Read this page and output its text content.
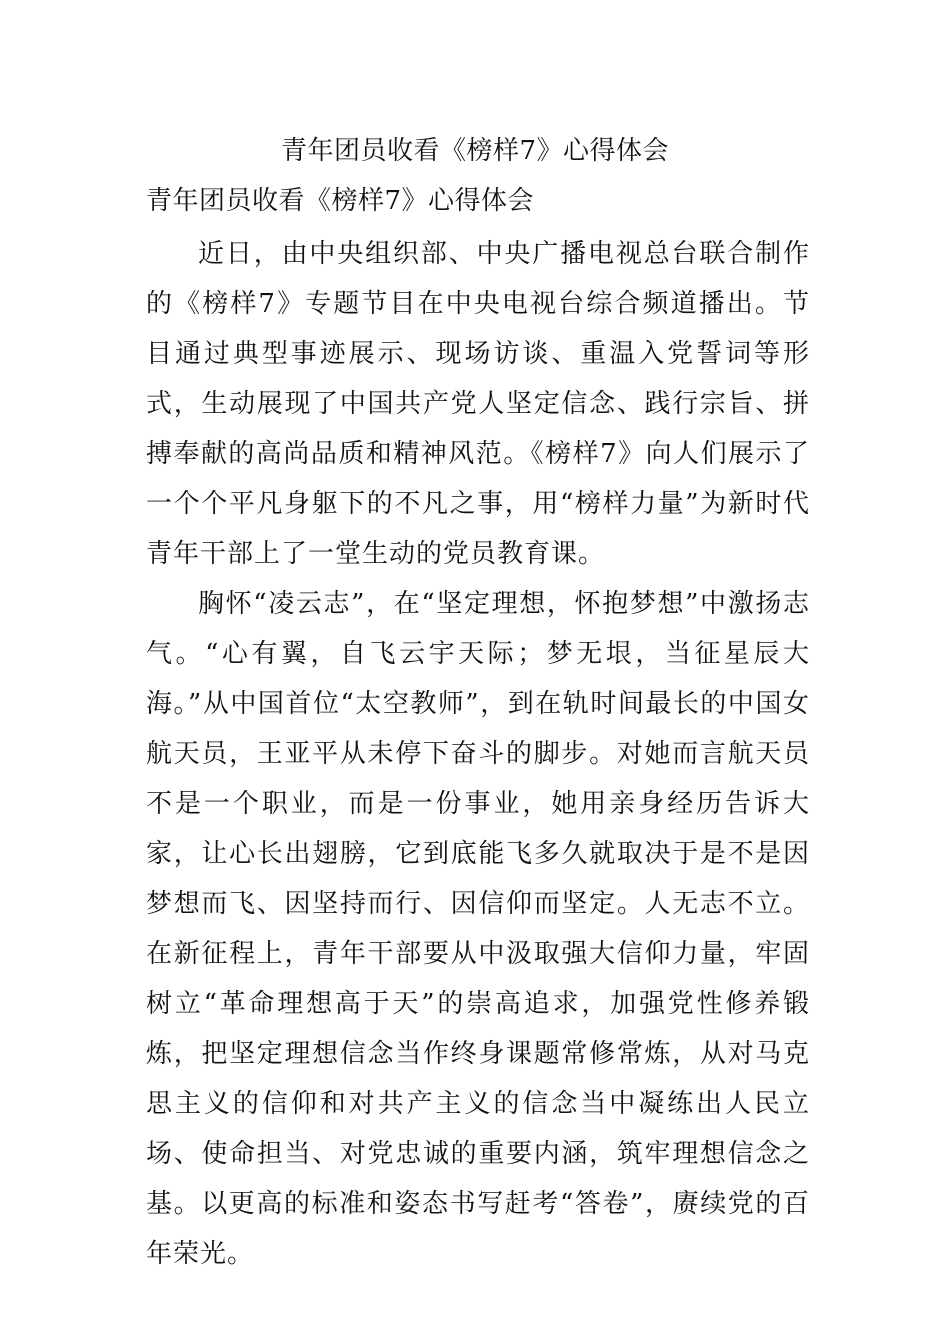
青年团员收看《榜样7》心得体会
青年团员收看《榜样7》心得体会

近日，由中央组织部、中央广播电视总台联合制作的《榜样7》专题节目在中央电视台综合频道播出。节目通过典型事迹展示、现场访谈、重温入党誓词等形式，生动展现了中国共产党人坚定信念、践行宗旨、拼搏奉献的高尚品质和精神风范。《榜样7》向人们展示了一个个平凡身躯下的不凡之事，用“榜样力量”为新时代青年干部上了一堂生动的党员教育课。

胸怀“凌云志”，在“坚定理想，怀抱梦想”中激扬志气。“心有翼，自飞云宇天际；梦无垠，当征星辰大海。”从中国首位“太空教师”，到在轨时间最长的中国女航天员，王亚平从未停下奋斗的脚步。对她而言航天员不是一个职业，而是一份事业，她用亲身经历告诉大家，让心长出翅膀，它到底能飞多久就取决于是不是因梦想而飞、因坚持而行、因信仰而坚定。人无志不立。在新征程上，青年干部要从中汲取强大信仰力量，牢固树立“革命理想高于天”的崇高追求，加强党性修养锻炼，把坚定理想信念当作终身课题常修常炼，从对马克思主义的信仰和对共产主义的信念当中凝练出人民立场、使命担当、对党忠诚的重要内涵，筑牢理想信念之基。以更高的标准和姿态书写赶考“答卷”，赓续党的百年荣光。
